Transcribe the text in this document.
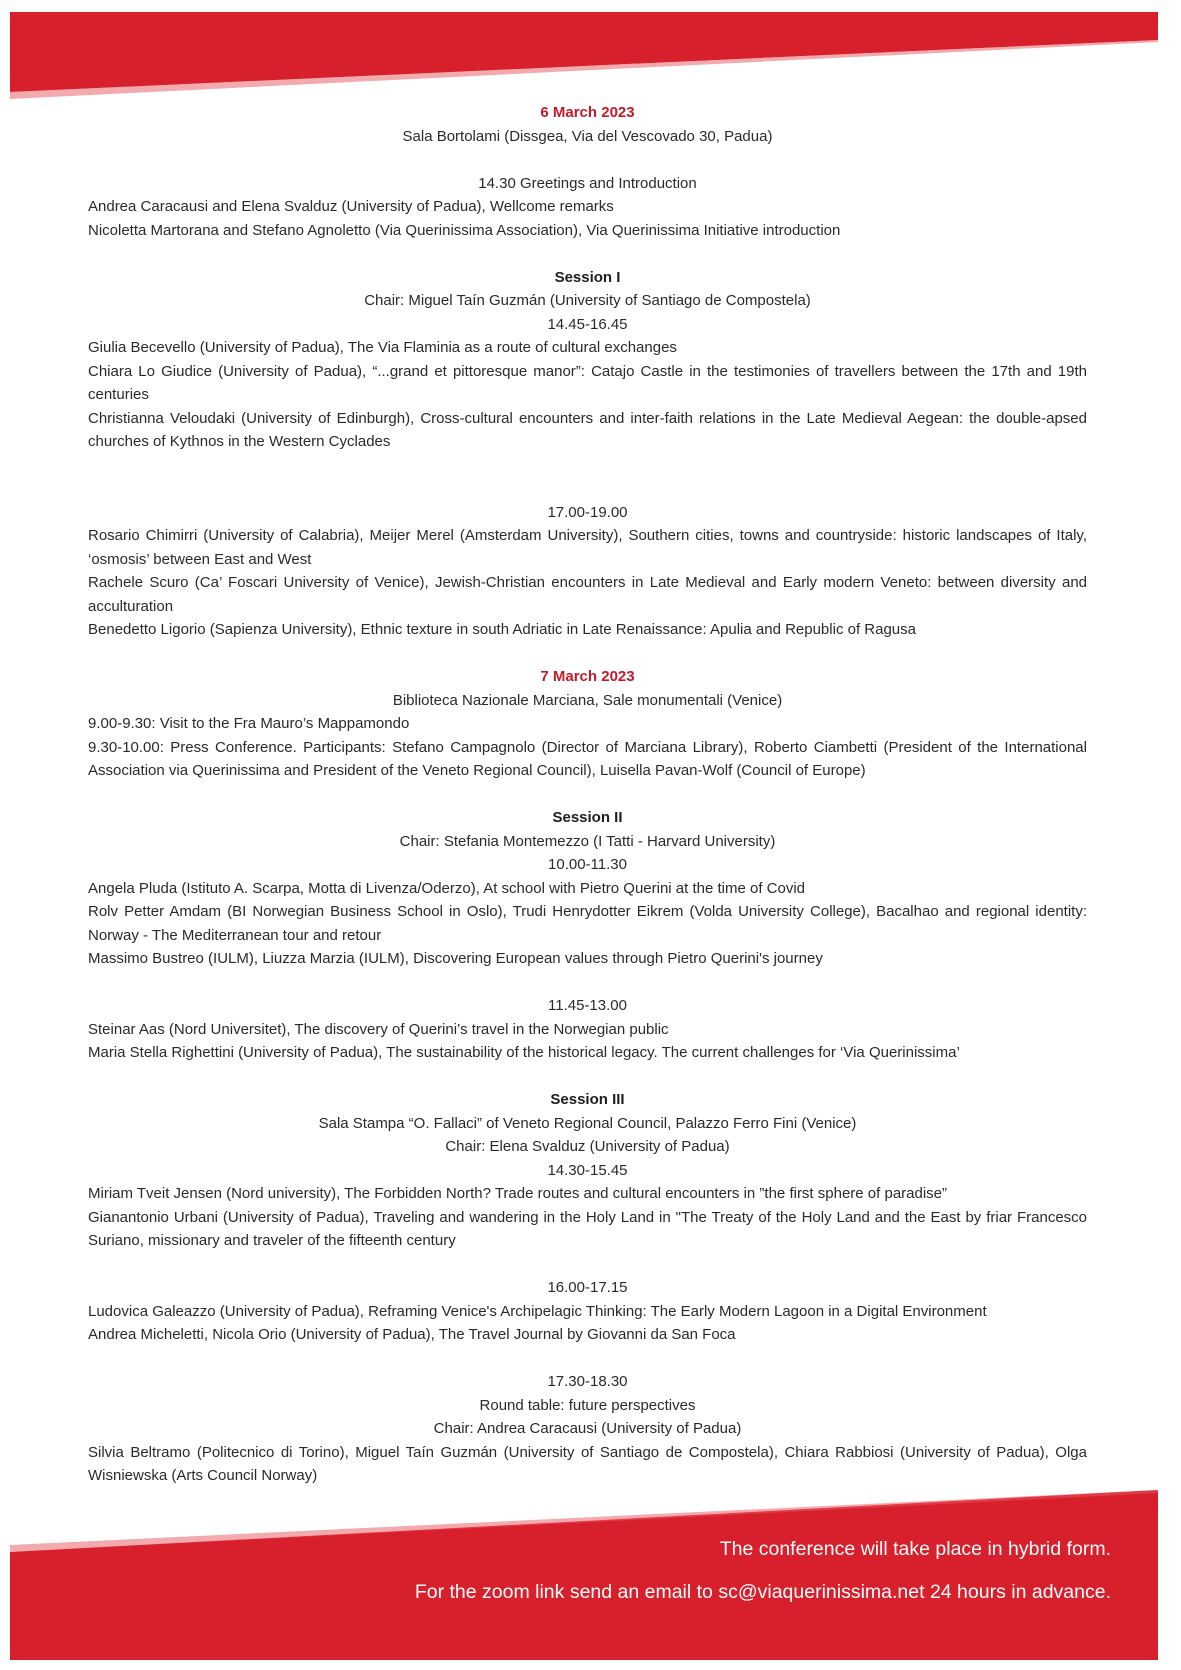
6 March 2023
Sala Bortolami (Dissgea, Via del Vescovado 30, Padua)
14.30 Greetings and Introduction
Andrea Caracausi and Elena Svalduz (University of Padua), Wellcome remarks
Nicoletta Martorana and Stefano Agnoletto (Via Querinissima Association), Via Querinissima Initiative introduction
Session I
Chair: Miguel Taín Guzmán (University of Santiago de Compostela)
14.45-16.45
Giulia Becevello (University of Padua), The Via Flaminia as a route of cultural exchanges
Chiara Lo Giudice (University of Padua), “...grand et pittoresque manor”: Catajo Castle in the testimonies of travellers between the 17th and 19th centuries
Christianna Veloudaki (University of Edinburgh), Cross-cultural encounters and inter-faith relations in the Late Medieval Aegean: the double-apsed churches of Kythnos in the Western Cyclades
17.00-19.00
Rosario Chimirri (University of Calabria), Meijer Merel (Amsterdam University), Southern cities, towns and countryside: historic landscapes of Italy, ‘osmosis’ between East and West
Rachele Scuro (Ca’ Foscari University of Venice), Jewish-Christian encounters in Late Medieval and Early modern Veneto: between diversity and acculturation
Benedetto Ligorio (Sapienza University), Ethnic texture in south Adriatic in Late Renaissance: Apulia and Republic of Ragusa
7 March 2023
Biblioteca Nazionale Marciana, Sale monumentali (Venice)
9.00-9.30: Visit to the Fra Mauro’s Mappamondo
9.30-10.00: Press Conference. Participants: Stefano Campagnolo (Director of Marciana Library), Roberto Ciambetti (President of the International Association via Querinissima and President of the Veneto Regional Council), Luisella Pavan-Wolf (Council of Europe)
Session II
Chair: Stefania Montemezzo (I Tatti - Harvard University)
10.00-11.30
Angela Pluda (Istituto A. Scarpa, Motta di Livenza/Oderzo), At school with Pietro Querini at the time of Covid
Rolv Petter Amdam (BI Norwegian Business School in Oslo), Trudi Henrydotter Eikrem (Volda University College), Bacalhao and regional identity: Norway - The Mediterranean tour and retour
Massimo Bustreo (IULM), Liuzza Marzia (IULM), Discovering European values through Pietro Querini's journey
11.45-13.00
Steinar Aas (Nord Universitet), The discovery of Querini’s travel in the Norwegian public
Maria Stella Righettini (University of Padua), The sustainability of the historical legacy. The current challenges for ‘Via Querinissima’
Session III
Sala Stampa “O. Fallaci” of Veneto Regional Council, Palazzo Ferro Fini (Venice)
Chair: Elena Svalduz (University of Padua)
14.30-15.45
Miriam Tveit Jensen (Nord university), The Forbidden North? Trade routes and cultural encounters in ”the first sphere of paradise”
Gianantonio Urbani (University of Padua), Traveling and wandering in the Holy Land in "The Treaty of the Holy Land and the East by friar Francesco Suriano, missionary and traveler of the fifteenth century
16.00-17.15
Ludovica Galeazzo (University of Padua), Reframing Venice's Archipelagic Thinking: The Early Modern Lagoon in a Digital Environment
Andrea Micheletti, Nicola Orio (University of Padua), The Travel Journal by Giovanni da San Foca
17.30-18.30
Round table: future perspectives
Chair: Andrea Caracausi (University of Padua)
Silvia Beltramo (Politecnico di Torino), Miguel Taín Guzmán (University of Santiago de Compostela), Chiara Rabbiosi (University of Padua), Olga Wisniewska (Arts Council Norway)
The conference will take place in hybrid form.
For the zoom link send an email to sc@viaquerinissima.net 24 hours in advance.
